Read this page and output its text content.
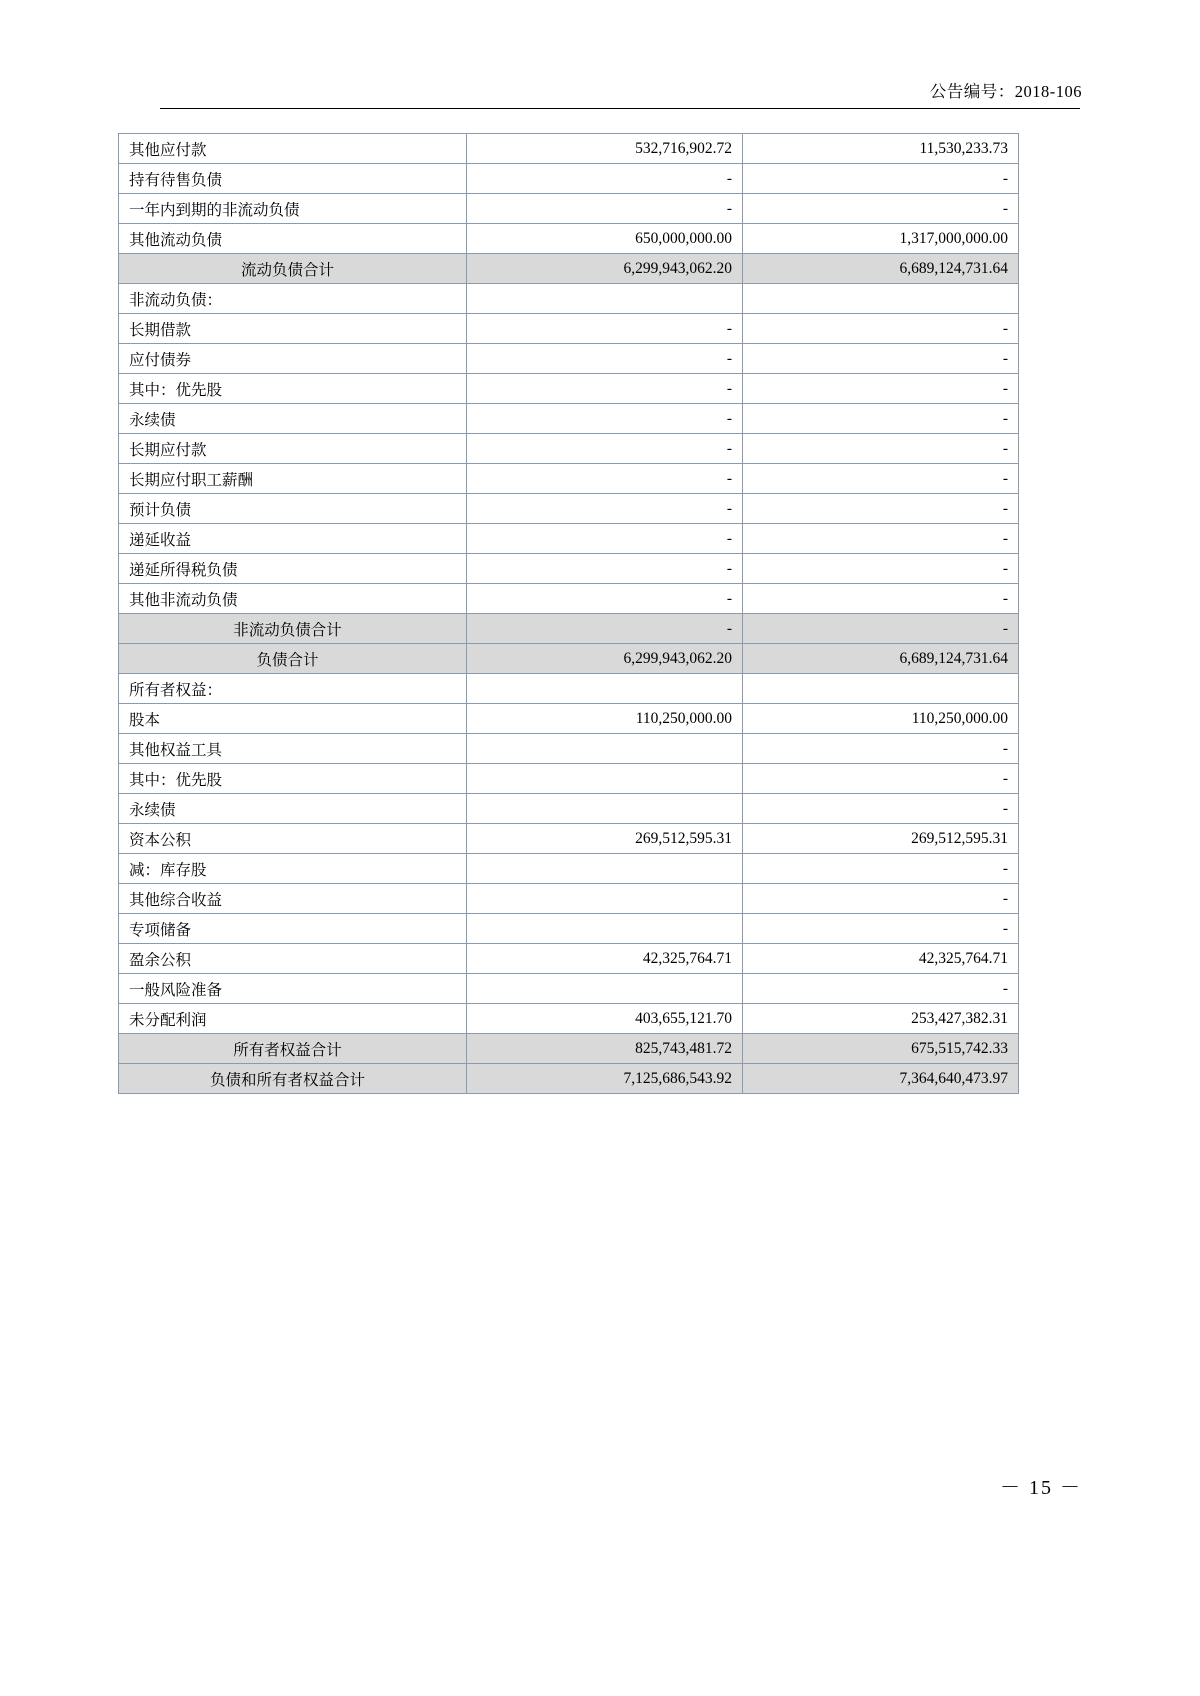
公告编号：2018-106
其他应付款	532,716,902.72	11,530,233.73
持有待售负债	-	-
一年内到期的非流动负债	-	-
其他流动负债	650,000,000.00	1,317,000,000.00
流动负债合计	6,299,943,062.20	6,689,124,731.64
非流动负债：		
长期借款	-	-
应付债券	-	-
其中：优先股	-	-
永续债	-	-
长期应付款	-	-
长期应付职工薪酬	-	-
预计负债	-	-
递延收益	-	-
递延所得税负债	-	-
其他非流动负债	-	-
非流动负债合计	-	-
负债合计	6,299,943,062.20	6,689,124,731.64
所有者权益：		
股本	110,250,000.00	110,250,000.00
其他权益工具		-
其中：优先股		-
永续债		-
资本公积	269,512,595.31	269,512,595.31
减：库存股		-
其他综合收益		-
专项储备		-
盈余公积	42,325,764.71	42,325,764.71
一般风险准备		-
未分配利润	403,655,121.70	253,427,382.31
所有者权益合计	825,743,481.72	675,515,742.33
负债和所有者权益合计	7,125,686,543.92	7,364,640,473.97
－ 15 －
